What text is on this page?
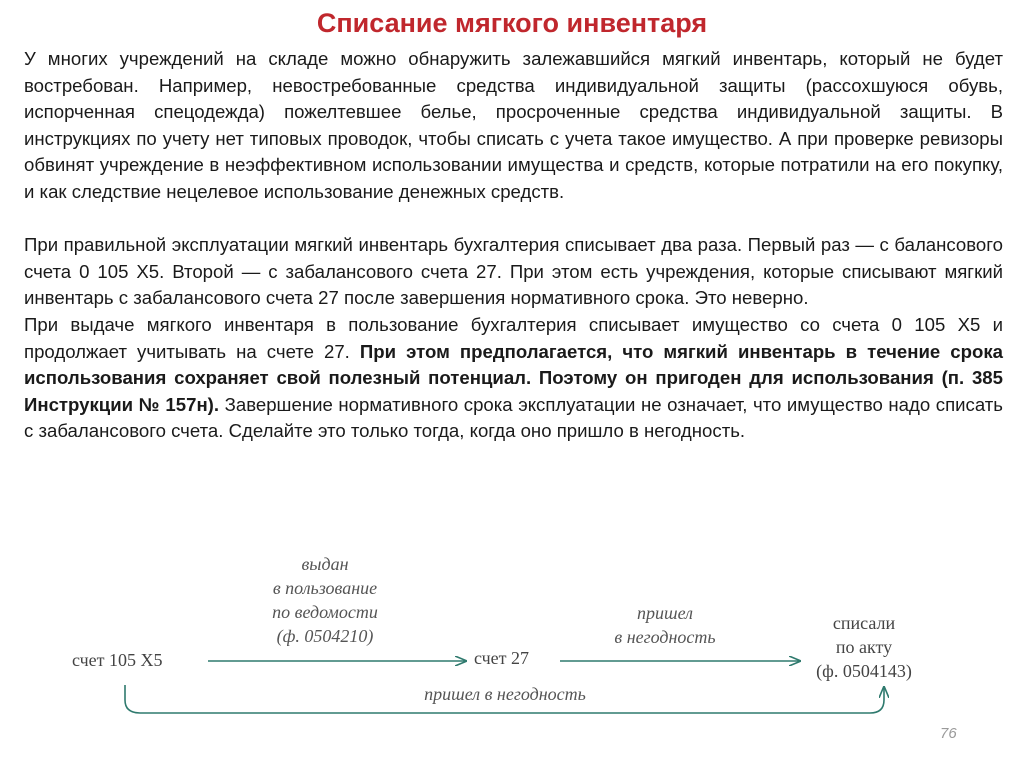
Списание мягкого инвентаря

У многих учреждений на складе можно обнаружить залежавшийся мягкий инвентарь, который не будет востребован. Например, невостребованные средства индивидуальной защиты (рассохшуюся обувь, испорченная спецодежда) пожелтевшее белье, просроченные средства индивидуальной защиты. В инструкциях по учету нет типовых проводок, чтобы списать с учета такое имущество. А при проверке ревизоры обвинят учреждение в неэффективном использовании имущества и средств, которые потратили на его покупку, и как следствие нецелевое использование денежных средств.

При правильной эксплуатации мягкий инвентарь бухгалтерия списывает два раза. Первый раз — с балансового счета 0 105 Х5. Второй — с забалансового счета 27. При этом есть учреждения, которые списывают мягкий инвентарь с забалансового счета 27 после завершения нормативного срока. Это неверно.

При выдаче мягкого инвентаря в пользование бухгалтерия списывает имущество со счета 0 105 Х5 и продолжает учитывать на счете 27. При этом предполагается, что мягкий инвентарь в течение срока использования сохраняет свой полезный потенциал. Поэтому он пригоден для использования (п. 385 Инструкции № 157н). Завершение нормативного срока эксплуатации не означает, что имущество надо списать с забалансового счета. Сделайте это только тогда, когда оно пришло в негодность.

счет 105 Х5	счет 27
списали
по акту
(ф. 0504143)
выдан
в пользование
по ведомости
(ф. 0504210)
пришел
в негодность
пришел в негодность
76
